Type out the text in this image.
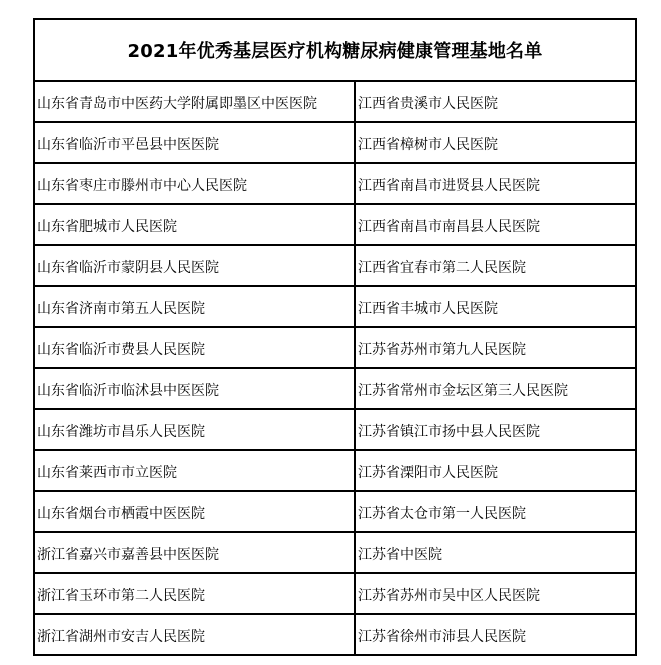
2021年优秀基层医疗机构糖尿病健康管理基地名单	

山东省青岛市中医药大学附属即墨区中医医院	江西省贵溪市人民医院

山东省临沂市平邑县中医医院	江西省樟树市人民医院

山东省枣庄市滕州市中心人民医院	江西省南昌市进贤县人民医院

山东省肥城市人民医院	江西省南昌市南昌县人民医院

山东省临沂市蒙阴县人民医院	江西省宜春市第二人民医院

山东省济南市第五人民医院	江西省丰城市人民医院

山东省临沂市费县人民医院	江苏省苏州市第九人民医院

山东省临沂市临沭县中医医院	江苏省常州市金坛区第三人民医院

山东省潍坊市昌乐人民医院	江苏省镇江市扬中县人民医院

山东省莱西市市立医院	江苏省溧阳市人民医院

山东省烟台市栖霞中医医院	江苏省太仓市第一人民医院

浙江省嘉兴市嘉善县中医医院	江苏省中医院

浙江省玉环市第二人民医院	江苏省苏州市吴中区人民医院

浙江省湖州市安吉人民医院	江苏省徐州市沛县人民医院
